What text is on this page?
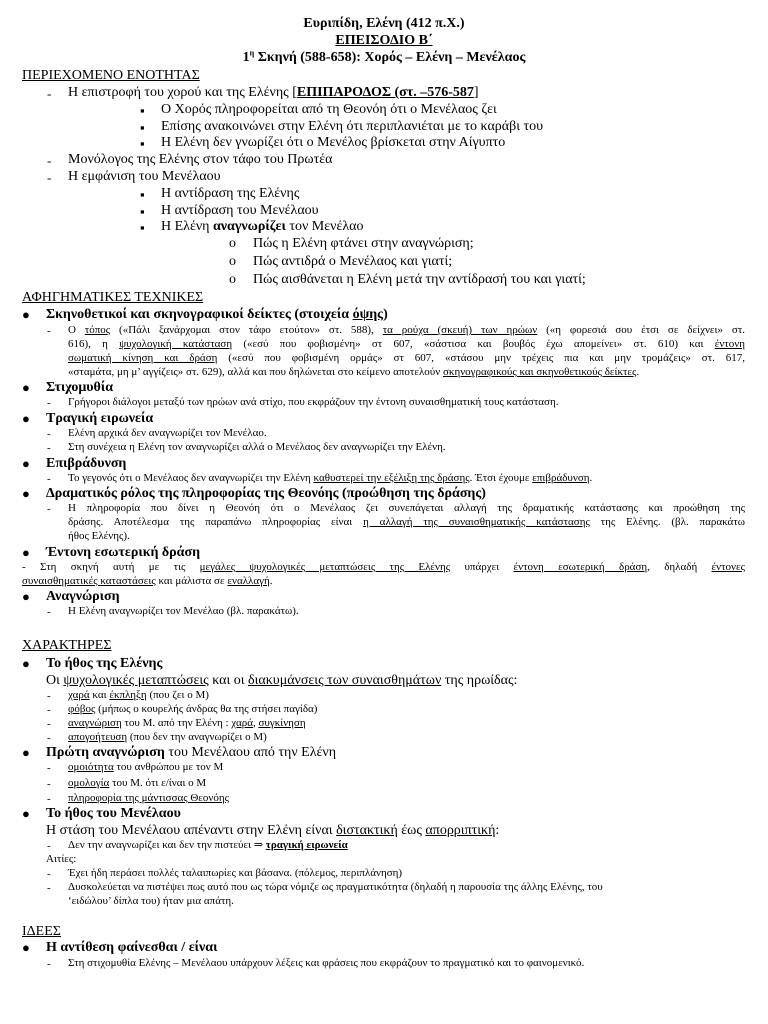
Ευριπίδη, Ελένη (412 π.Χ.)
ΕΠΕΙΣΟΔΙΟ Β΄
$1^\eta$ Σκηνή (588-658): Χορός – Ελένη – Μενέλαος
ΠΕΡΙΕΧΟΜΕΝΟ ΕΝΟΤΗΤΑΣ
- Η επιστροφή του χορού και της Ελένης [ΕΠΙΠΑΡΟΔΟΣ (στ. –576-587]
▪ Ο Χορός πληροφορείται από τη Θεονόη ότι ο Μενέλαος ζει
▪ Επίσης ανακοινώνει στην Ελένη ότι περιπλανιέται με το καράβι του
▪ Η Ελένη δεν γνωρίζει ότι ο Μενέλος βρίσκεται στην Αίγυπτο
- Μονόλογος της Ελένης στον τάφο του Πρωτέα
- Η εμφάνιση του Μενέλαου
▪ Η αντίδραση της Ελένης
▪ Η αντίδραση του Μενέλαου
▪ Η Ελένη αναγνωρίζει τον Μενέλαο
o Πώς η Ελένη φτάνει στην αναγνώριση;
o Πώς αντιδρά ο Μενέλαος και γιατί;
o Πώς αισθάνεται η Ελένη μετά την αντίδρασή του και γιατί;
ΑΦΗΓΗΜΑΤΙΚΕΣ ΤΕΧΝΙΚΕΣ
● Σκηνοθετικοί και σκηνογραφικοί δείκτες (στοιχεία όψης)
- Ο τόπος («Πάλι ξανάρχομαι στον τάφο ετούτον» στ. 588), τα ρούχα (σκευή) των ηρώων («η φορεσιά σου έτσι σε δείχνει» στ.
616), η ψυχολογική κατάσταση («εσύ που φοβισμένη» στ 607, «σάστισα και βουβός έχω απομείνει» στ. 610) και έντονη
σωματική κίνηση και δράση («εσύ που φοβισμένη ορμάς» στ 607, «στάσου μην τρέχεις πια και μην τρομάζεις» στ. 617,
«σταμάτα, μη μ’ αγγίζεις» στ. 629), αλλά και που δηλώνεται στο κείμενο αποτελούν σκηνογραφικούς και σκηνοθετικούς δείκτες.
● Στιχομυθία
- Γρήγοροι διάλογοι μεταξύ των ηρώων ανά στίχο, που εκφράζουν την έντονη συναισθηματική τους κατάσταση.
● Τραγική ειρωνεία
- Ελένη αρχικά δεν αναγνωρίζει τον Μενέλαο.
- Στη συνέχεια η Ελένη τον αναγνωρίζει αλλά ο Μενέλαος δεν αναγνωρίζει την Ελένη.
● Επιβράδυνση
- Το γεγονός ότι ο Μενέλαος δεν αναγνωρίζει την Ελένη καθυστερεί την εξέλιξη της δράσης. Έτσι έχουμε επιβράδυνση.
● Δραματικός ρόλος της πληροφορίας της Θεονόης (προώθηση της δράσης)
- Η πληροφορία που δίνει η Θεονόη ότι ο Μενέλαος ζει συνεπάγεται αλλαγή της δραματικής κατάστασης και προώθηση της
δράσης. Αποτέλεσμα της παραπάνω πληροφορίας είναι η αλλαγή της συναισθηματικής κατάστασης της Ελένης. (βλ. παρακάτω
ήθος Ελένης).
● Έντονη εσωτερική δράση
- Στη σκηνή αυτή με τις μεγάλες ψυχολογικές μεταπτώσεις της Ελένης υπάρχει έντονη εσωτερική δράση, δηλαδή έντονες
συναισθηματικές καταστάσεις και μάλιστα σε εναλλαγή.
● Αναγνώριση
- Η Ελένη αναγνωρίζει τον Μενέλαο (βλ. παρακάτω).
ΧΑΡΑΚΤΗΡΕΣ
● Το ήθος της Ελένης
Οι ψυχολογικές μεταπτώσεις και οι διακυμάνσεις των συναισθημάτων της ηρωίδας:
- χαρά και έκπληξη (που ζει ο Μ)
- φόβος (μήπως ο κουρελής άνδρας θα της στήσει παγίδα)
- αναγνώριση του Μ. από την Ελένη : χαρά, συγκίνηση
- απογοήτευση (που δεν την αναγνωρίζει ο Μ)
● Πρώτη αναγνώριση του Μενέλαου από την Ελένη
- ομοιότητα του ανθρώπου με τον Μ
- ομολογία του Μ. ότι ε/ίναι ο Μ
- πληροφορία της μάντισσας Θεονόης
● Το ήθος του Μενέλαου
Η στάση του Μενέλαου απέναντι στην Ελένη είναι διστακτική έως απορριπτική:
- Δεν την αναγνωρίζει και δεν την πιστεύει ⇒ τραγική ειρωνεία
Αιτίες:
- Έχει ήδη περάσει πολλές ταλαιπωρίες και βάσανα. (πόλεμος, περιπλάνηση)
- Δυσκολεύεται να πιστέψει πως αυτό που ως τώρα νόμιζε ως πραγματικότητα (δηλαδή η παρουσία της άλλης Ελένης, του
‘ειδώλου’ δίπλα του) ήταν μια απάτη.
ΙΔΕΕΣ
● Η αντίθεση φαίνεσθαι / είναι
- Στη στιχομυθία Ελένης – Μενέλαου υπάρχουν λέξεις και φράσεις που εκφράζουν το πραγματικό και το φαινομενικό.
